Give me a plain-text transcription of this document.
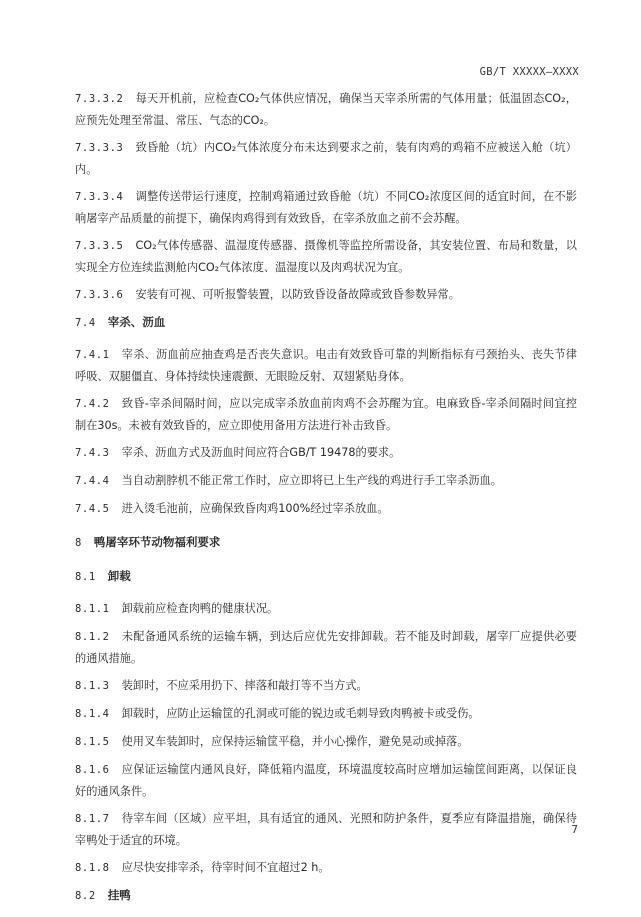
GB/T XXXXX—XXXX

7.3.3.2 每天开机前，应检查CO₂气体供应情况，确保当天宰杀所需的气体用量；低温固态CO₂，应预先处理至常温、常压、气态的CO₂。

7.3.3.3 致昏舱（坑）内CO₂气体浓度分布未达到要求之前，装有肉鸡的鸡箱不应被送入舱（坑）内。

7.3.3.4 调整传送带运行速度，控制鸡箱通过致昏舱（坑）不同CO₂浓度区间的适宜时间，在不影响屠宰产品质量的前提下，确保肉鸡得到有效致昏，在宰杀放血之前不会苏醒。

7.3.3.5 CO₂气体传感器、温湿度传感器、摄像机等监控所需设备，其安装位置、布局和数量，以实现全方位连续监测舱内CO₂气体浓度、温湿度以及肉鸡状况为宜。

7.3.3.6 安装有可视、可听报警装置，以防致昏设备故障或致昏参数异常。

7.4 宰杀、沥血

7.4.1 宰杀、沥血前应抽查鸡是否丧失意识。电击有效致昏可靠的判断指标有弓颈抬头、丧失节律呼吸、双腿僵直、身体持续快速震颤、无眼睑反射、双翅紧贴身体。

7.4.2 致昏-宰杀间隔时间，应以完成宰杀放血前肉鸡不会苏醒为宜。电麻致昏-宰杀间隔时间宜控制在30s。未被有效致昏的，应立即使用备用方法进行补击致昏。

7.4.3 宰杀、沥血方式及沥血时间应符合GB/T 19478的要求。

7.4.4 当自动割脖机不能正常工作时，应立即将已上生产线的鸡进行手工宰杀沥血。

7.4.5 进入烫毛池前，应确保致昏肉鸡100%经过宰杀放血。

8 鸭屠宰环节动物福利要求
8.1 卸载

8.1.1 卸载前应检查肉鸭的健康状况。

8.1.2 未配备通风系统的运输车辆，到达后应优先安排卸载。若不能及时卸载，屠宰厂应提供必要的通风措施。

8.1.3 装卸时，不应采用扔下、摔落和敲打等不当方式。

8.1.4 卸载时，应防止运输筐的孔洞或可能的锐边或毛刺导致肉鸭被卡或受伤。

8.1.5 使用叉车装卸时，应保持运输筐平稳，并小心操作，避免晃动或掉落。

8.1.6 应保证运输筐内通风良好，降低箱内温度，环境温度较高时应增加运输筐间距离，以保证良好的通风条件。

8.1.7 待宰车间（区域）应平坦，具有适宜的通风、光照和防护条件，夏季应有降温措施，确保待宰鸭处于适宜的环境。

8.1.8 应尽快安排宰杀，待宰时间不宜超过2 h。

8.2 挂鸭
7
